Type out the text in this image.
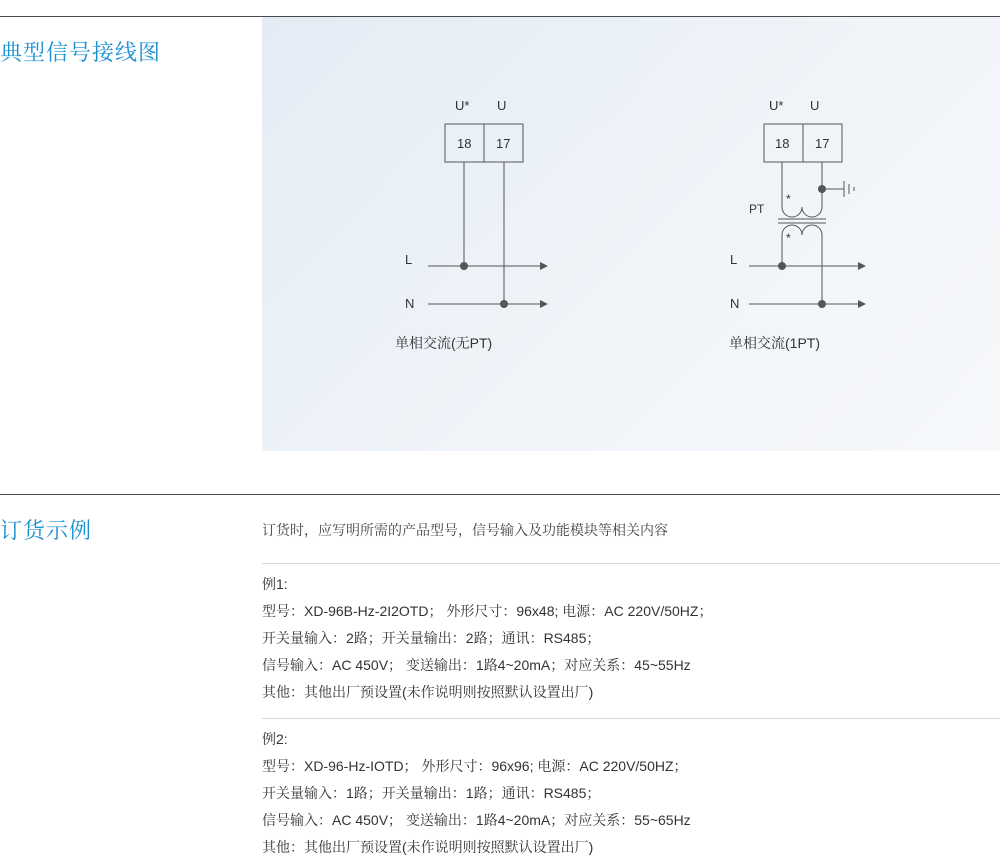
典型信号接线图
U* U
18 17
L
N
单相交流(无PT)
U* U
18 17
PT
*
*
L
N
单相交流(1PT)
订货示例	订货时，应写明所需的产品型号，信号输入及功能模块等相关内容
例1:
型号：XD-96B-Hz-2I2OTD； 外形尺寸：96x48; 电源：AC 220V/50HZ；
开关量输入：2路；开关量输出：2路；通讯：RS485；
信号输入：AC 450V； 变送输出：1路4~20mA；对应关系：45~55Hz
其他：其他出厂预设置(未作说明则按照默认设置出厂)
例2:
型号：XD-96-Hz-IOTD； 外形尺寸：96x96; 电源：AC 220V/50HZ；
开关量输入：1路；开关量输出：1路；通讯：RS485；
信号输入：AC 450V； 变送输出：1路4~20mA；对应关系：55~65Hz
其他：其他出厂预设置(未作说明则按照默认设置出厂)
